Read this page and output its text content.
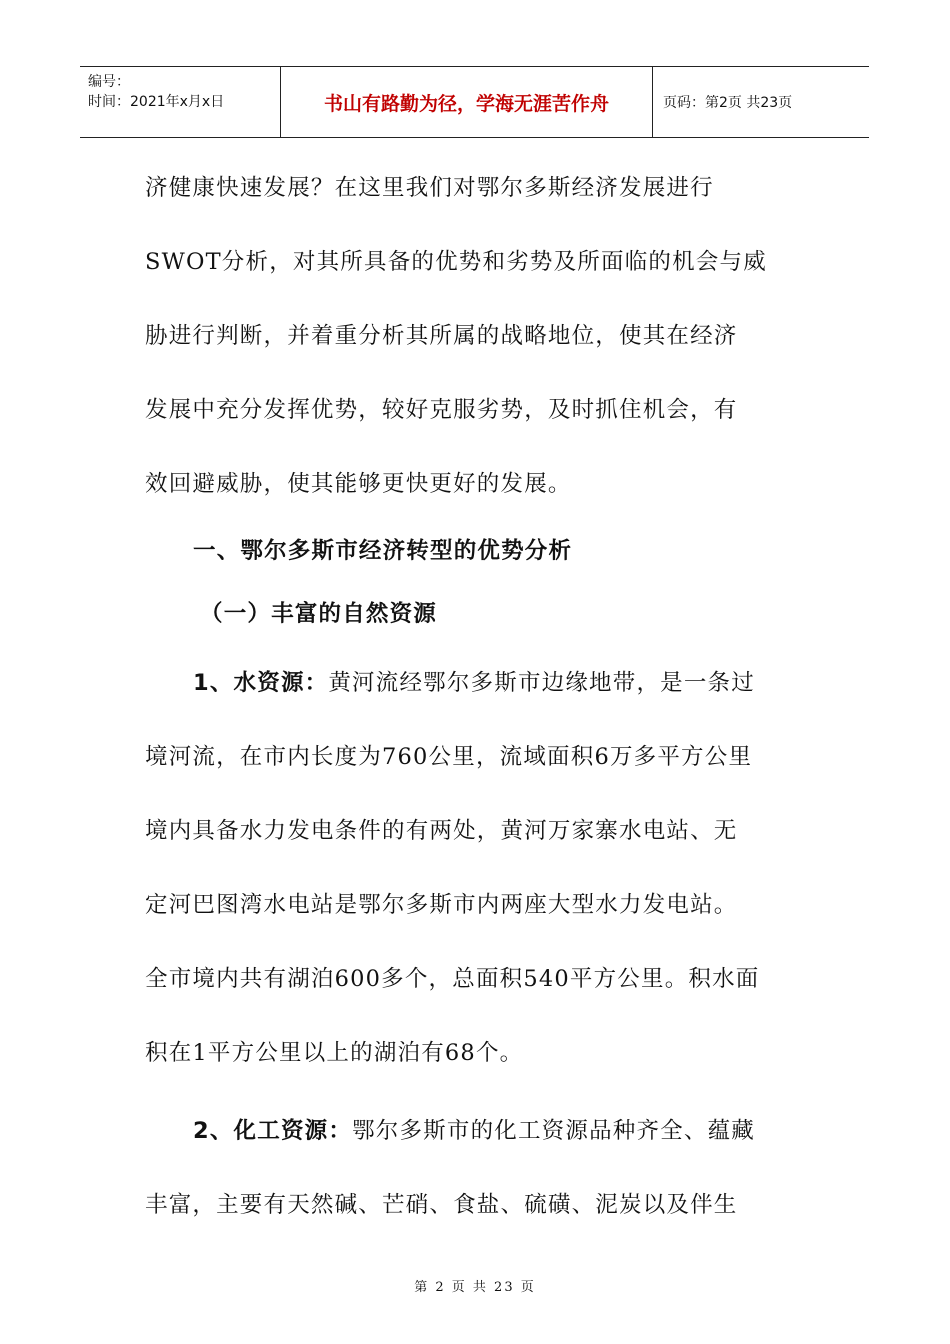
编号：
时间：2021年x月x日	书山有路勤为径，学海无涯苦作舟	页码：第2页 共23页
济健康快速发展？在这里我们对鄂尔多斯经济发展进行
SWOT分析，对其所具备的优势和劣势及所面临的机会与威
胁进行判断，并着重分析其所属的战略地位，使其在经济
发展中充分发挥优势，较好克服劣势，及时抓住机会，有
效回避威胁，使其能够更快更好的发展。
一、鄂尔多斯市经济转型的优势分析
（一）丰富的自然资源
1、水资源：黄河流经鄂尔多斯市边缘地带，是一条过
境河流，在市内长度为760公里，流域面积6万多平方公里
境内具备水力发电条件的有两处，黄河万家寨水电站、无
定河巴图湾水电站是鄂尔多斯市内两座大型水力发电站。
全市境内共有湖泊600多个，总面积540平方公里。积水面
积在1平方公里以上的湖泊有68个。
2、化工资源：鄂尔多斯市的化工资源品种齐全、蕴藏
丰富，主要有天然碱、芒硝、食盐、硫磺、泥炭以及伴生
第 2 页 共 23 页
